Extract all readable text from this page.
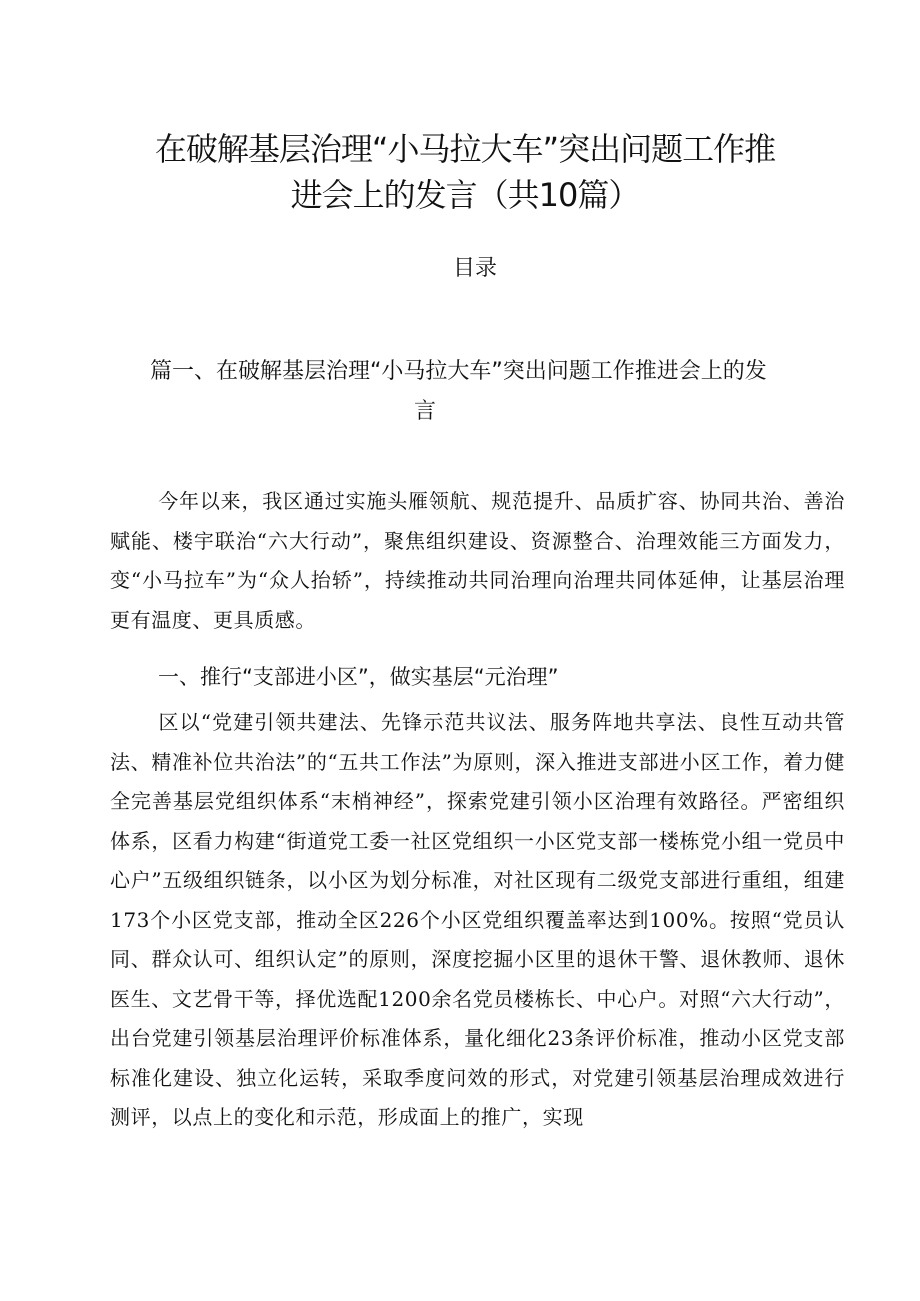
在破解基层治理“小马拉大车”突出问题工作推
进会上的发言（共10篇）
目录
篇一、在破解基层治理“小马拉大车”突出问题工作推进会上的发
言

今年以来，我区通过实施头雁领航、规范提升、品质扩容、协同共治、善治赋能、楼宇联治“六大行动”，聚焦组织建设、资源整合、治理效能三方面发力，变“小马拉车”为“众人抬轿”，持续推动共同治理向治理共同体延伸，让基层治理更有温度、更具质感。

一、推行“支部进小区”，做实基层“元治理”

区以“党建引领共建法、先锋示范共议法、服务阵地共享法、良性互动共管法、精准补位共治法”的“五共工作法”为原则，深入推进支部进小区工作，着力健全完善基层党组织体系“末梢神经”，探索党建引领小区治理有效路径。严密组织体系，区看力构建“街道党工委一社区党组织一小区党支部一楼栋党小组一党员中心户”五级组织链条，以小区为划分标准，对社区现有二级党支部进行重组，组建173个小区党支部，推动全区226个小区党组织覆盖率达到100%。按照“党员认同、群众认可、组织认定”的原则，深度挖掘小区里的退休干警、退休教师、退休医生、文艺骨干等，择优选配1200余名党员楼栋长、中心户。对照“六大行动”，出台党建引领基层治理评价标准体系，量化细化23条评价标准，推动小区党支部标准化建设、独立化运转，采取季度问效的形式，对党建引领基层治理成效进行测评，以点上的变化和示范，形成面上的推广，实现
